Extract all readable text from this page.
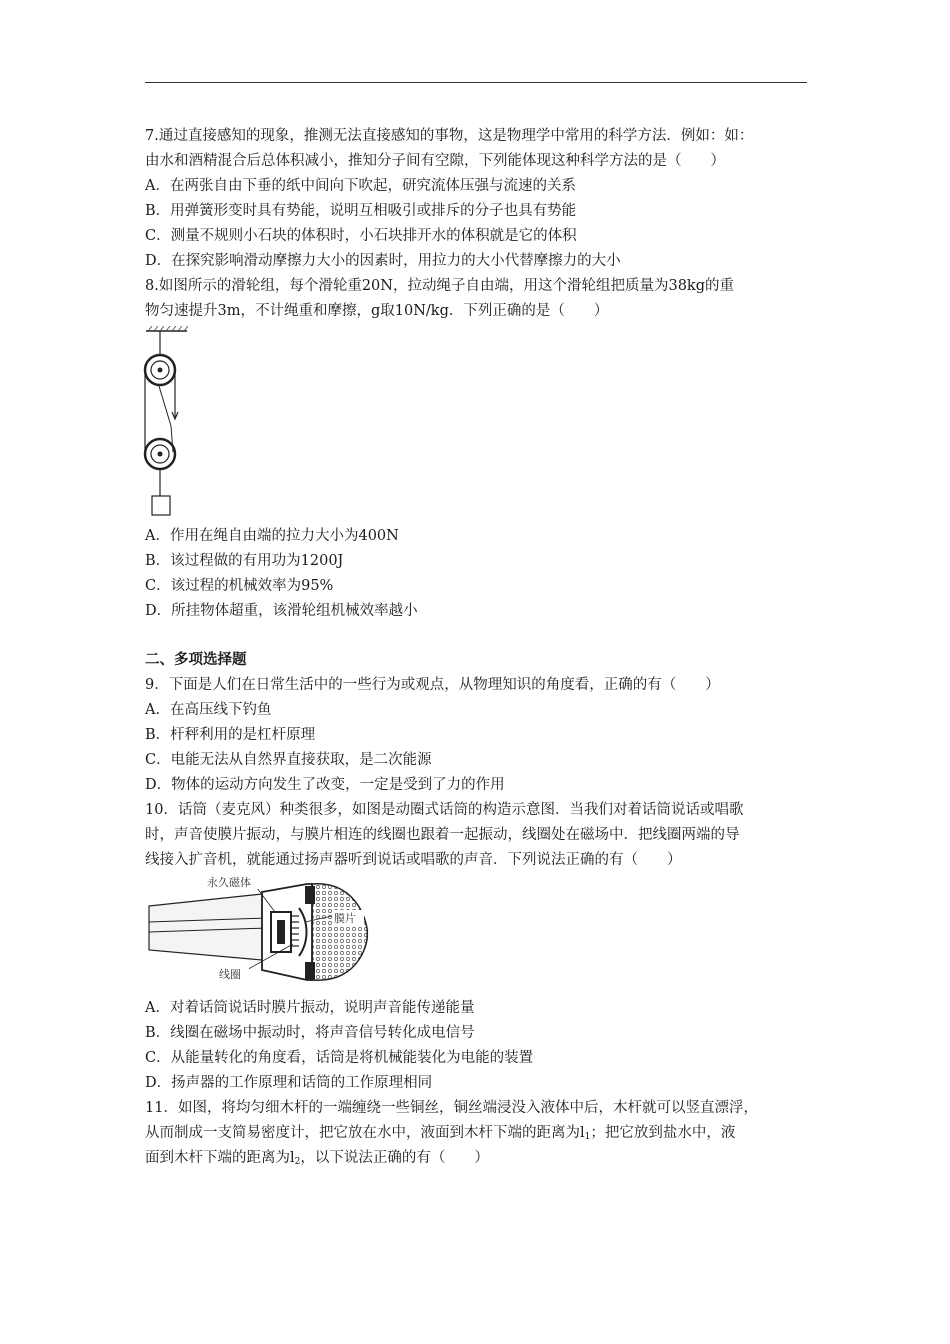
7.通过直接感知的现象，推测无法直接感知的事物，这是物理学中常用的科学方法．例如：如：
由水和酒精混合后总体积减小，推知分子间有空隙，下列能体现这种科学方法的是（　　）
A．在两张自由下垂的纸中间向下吹起，研究流体压强与流速的关系
B．用弹簧形变时具有势能，说明互相吸引或排斥的分子也具有势能
C．测量不规则小石块的体积时，小石块排开水的体积就是它的体积
D．在探究影响滑动摩擦力大小的因素时，用拉力的大小代替摩擦力的大小
8.如图所示的滑轮组，每个滑轮重20N，拉动绳子自由端，用这个滑轮组把质量为38kg的重
物匀速提升3m，不计绳重和摩擦，g取10N/kg．下列正确的是（　　）
A．作用在绳自由端的拉力大小为400N
B．该过程做的有用功为1200J
C．该过程的机械效率为95%
D．所挂物体超重，该滑轮组机械效率越小
二、多项选择题
9．下面是人们在日常生活中的一些行为或观点，从物理知识的角度看，正确的有（　　）
A．在高压线下钓鱼
B．杆秤利用的是杠杆原理
C．电能无法从自然界直接获取，是二次能源
D．物体的运动方向发生了改变，一定是受到了力的作用
10．话筒（麦克风）种类很多，如图是动圈式话筒的构造示意图．当我们对着话筒说话或唱歌
时，声音使膜片振动，与膜片相连的线圈也跟着一起振动，线圈处在磁场中．把线圈两端的导
线接入扩音机，就能通过扬声器听到说话或唱歌的声音．下列说法正确的有（　　）
永久磁体
膜片
线圈
A．对着话筒说话时膜片振动，说明声音能传递能量
B．线圈在磁场中振动时，将声音信号转化成电信号
C．从能量转化的角度看，话筒是将机械能装化为电能的装置
D．扬声器的工作原理和话筒的工作原理相同
11．如图，将均匀细木杆的一端缠绕一些铜丝，铜丝端浸没入液体中后，木杆就可以竖直漂浮，
从而制成一支简易密度计，把它放在水中，液面到木杆下端的距离为$l_1$；把它放到盐水中，液
面到木杆下端的距离为$l_2$，以下说法正确的有（　　）
